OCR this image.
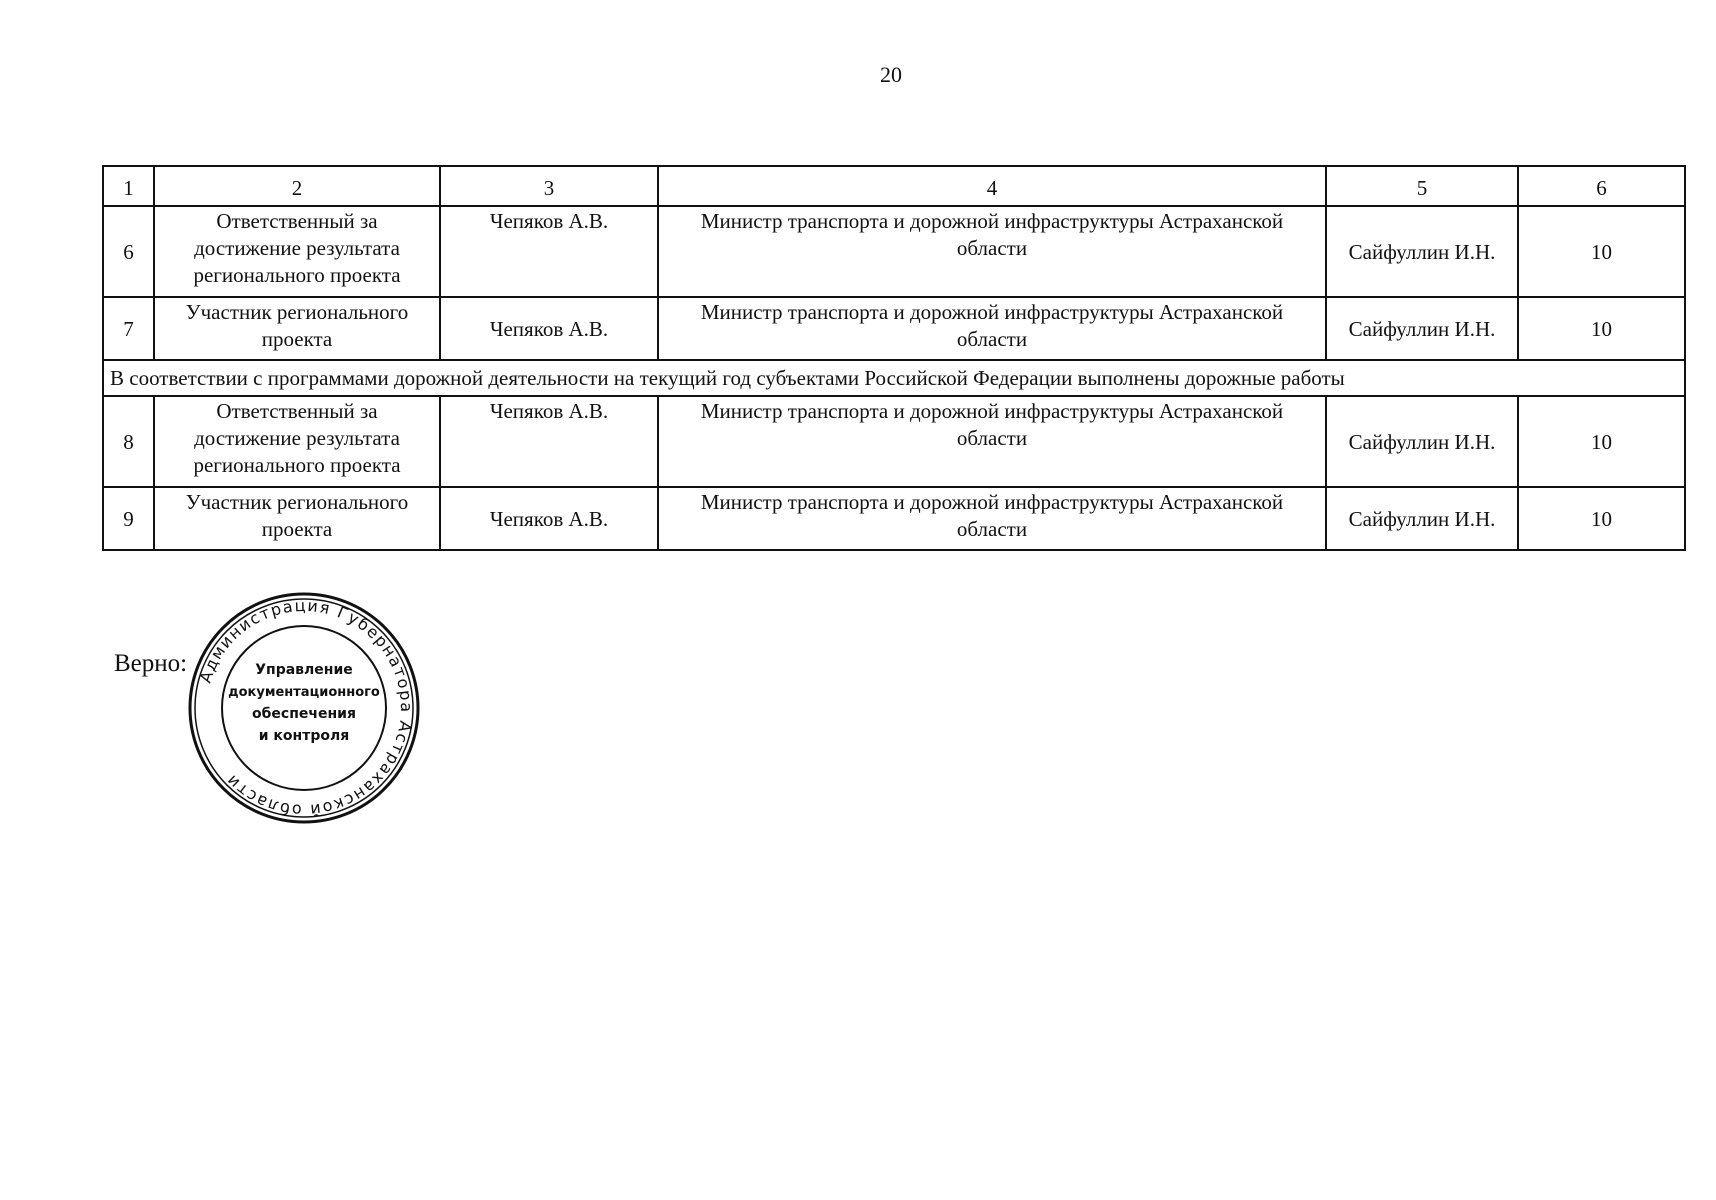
20
1	2	3	4	5	6
6	Ответственный за достижение результата регионального проекта	Чепяков А.В.	Министр транспорта и дорожной инфраструктуры Астраханской области	Сайфуллин И.Н.	10
7	Участник регионального проекта	Чепяков А.В.	Министр транспорта и дорожной инфраструктуры Астраханской области	Сайфуллин И.Н.	10
В соответствии с программами дорожной деятельности на текущий год субъектами Российской Федерации выполнены дорожные работы					
8	Ответственный за достижение результата регионального проекта	Чепяков А.В.	Министр транспорта и дорожной инфраструктуры Астраханской области	Сайфуллин И.Н.	10
9	Участник регионального проекта	Чепяков А.В.	Министр транспорта и дорожной инфраструктуры Астраханской области	Сайфуллин И.Н.	10
Верно: Администрация Губернатора Астраханской области
Управление
документационного
обеспечения
и контроля
